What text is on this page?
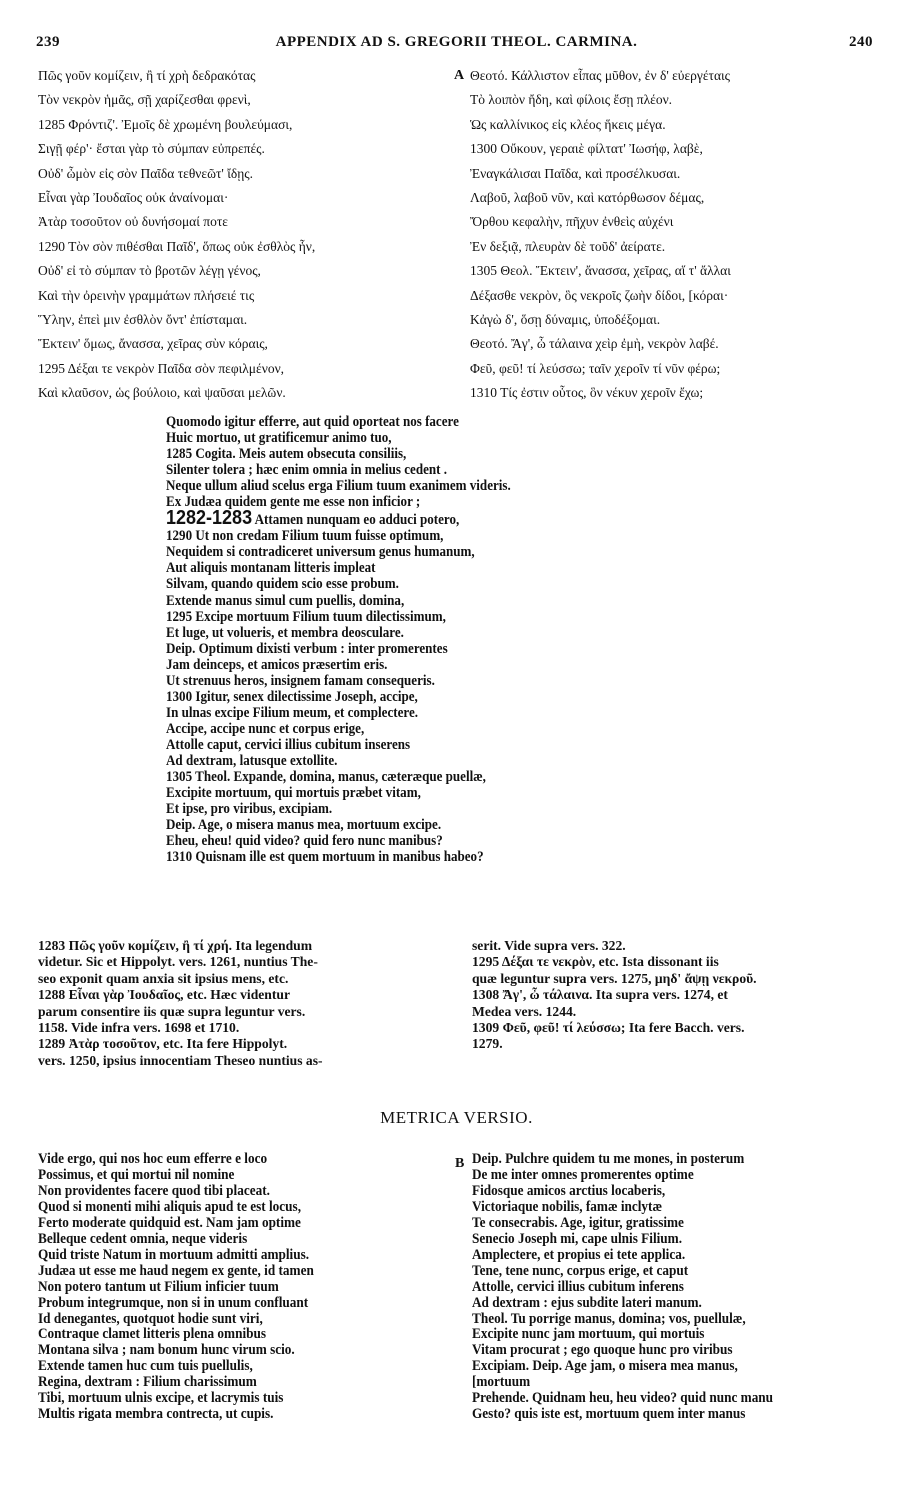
239	APPENDIX AD S. GREGORII THEOL. CARMINA.	240
Πῶς γοῦν κομίζειν, ἢ τί χρὴ δεδρακότας
Τὸν νεκρὸν ἡμᾶς, σῇ χαρίζεσθαι φρενὶ,
1285 Φρόντιζ'. Ἐμοῖς δὲ χρωμένη βουλεύμασι,
Σιγῇ φέρ'· ἔσται γὰρ τὸ σύμπαν εὐπρεπές.
Οὐδ' ὦμὸν εἰς σὸν Παῖδα τεθνεῶτ' ἴδῃς.
Εἶναι γὰρ Ἰουδαῖος οὐκ ἀναίνομαι·
Ἀτὰρ τοσοῦτον οὐ δυνήσομαί ποτε
1290 Τὸν σὸν πιθέσθαι Παῖδ', ὅπως οὐκ ἐσθλὸς ἦν,
Οὐδ' εἰ τὸ σύμπαν τὸ βροτῶν λέγῃ γένος,
Καὶ τὴν ὀρεινὴν γραμμάτων πλήσειέ τις
Ὕλην, ἐπεὶ μιν ἐσθλὸν ὄντ' ἐπίσταμαι.
Ἔκτειν' ὅμως, ἄνασσα, χεῖρας σὺν κόραις,
1295 Δέξαι τε νεκρὸν Παῖδα σὸν πεφιλμένον,
Καὶ κλαῦσον, ὡς βούλοιο, καὶ ψαῦσαι μελῶν.
A Θεοτό. Κάλλιστον εἶπας μῦθον, ἐν δ' εὐεργέταις
Τὸ λοιπὸν ἤδη, καὶ φίλοις ἔσῃ πλέον.
Ὡς καλλίνικος εἰς κλέος ἥκεις μέγα.
1300 Οὔκουν, γεραιὲ φίλτατ' Ἰωσήφ, λαβὲ,
Ἐναγκάλισαι Παῖδα, καὶ προσέλκυσαι.
Λαβοῦ, λαβοῦ νῦν, καὶ κατόρθωσον δέμας,
Ὄρθου κεφαλὴν, πῆχυν ἐνθεὶς αὐχένι
Ἐν δεξιᾷ, πλευρὰν δὲ τοῦδ' ἀείρατε.
1305 Θεολ. Ἔκτειν', ἄνασσα, χεῖρας, αἵ τ' ἄλλαι
Δέξασθε νεκρὸν, ὃς νεκροῖς ζωὴν δίδοι, [κόραι·
Κἀγὼ δ', ὅσῃ δύναμις, ὑποδέξομαι.
Θεοτό. Ἄγ', ὦ τάλαινα χεὶρ ἐμὴ, νεκρὸν λαβέ.
Φεῦ, φεῦ! τί λεύσσω; ταῖν χεροῖν τί νῦν φέρω;
1310 Τίς ἐστιν οὗτος, ὃν νέκυν χεροῖν ἔχω;
Quomodo igitur efferre, aut quid oporteat nos facere
Huic mortuo, ut gratificemur animo tuo,
1285 Cogita. Meis autem obsecuta consiliis,
Silenter tolera ; hæc enim omnia in melius cedent .
Neque ullum aliud scelus erga Filium tuum exanimem videris.
Ex Judæa quidem gente me esse non inficior ;
1282-1283 Attamen nunquam eo adduci potero,
1290 Ut non credam Filium tuum fuisse optimum,
Nequidem si contradiceret universum genus humanum,
Aut aliquis montanam litteris impleat
Silvam, quando quidem scio esse probum.
Extende manus simul cum puellis, domina,
1295 Excipe mortuum Filium tuum dilectissimum,
Et luge, ut volueris, et membra deosculare.
Deip. Optimum dixisti verbum : inter promerentes
Jam deinceps, et amicos præsertim eris.
Ut strenuus heros, insignem famam consequeris.
1300 Igitur, senex dilectissime Joseph, accipe,
In ulnas excipe Filium meum, et complectere.
Accipe, accipe nunc et corpus erige,
Attolle caput, cervici illius cubitum inserens
Ad dextram, latusque extollite.
1305 Theol. Expande, domina, manus, cæteræque puellæ,
Excipite mortuum, qui mortuis præbet vitam,
Et ipse, pro viribus, excipiam.
Deip. Age, o misera manus mea, mortuum excipe.
Eheu, eheu! quid video? quid fero nunc manibus?
1310 Quisnam ille est quem mortuum in manibus habeo?
1283 Πῶς γοῦν κομίζειν, ἢ τί χρή. Ita legendum
videtur. Sic et Hippolyt. vers. 1261, nuntius The-
seo exponit quam anxia sit ipsius mens, etc.
1288 Εἶναι γὰρ Ἰουδαῖος, etc. Hæc videntur
parum consentire iis quæ supra leguntur vers.
1158. Vide infra vers. 1698 et 1710.
1289 Ἀτὰρ τοσοῦτον, etc. Ita fere Hippolyt.
vers. 1250, ipsius innocentiam Theseo nuntius as-
serit. Vide supra vers. 322.
1295 Δέξαι τε νεκρὸν, etc. Ista dissonant iis
quæ leguntur supra vers. 1275, μηδ' ἄψῃ νεκροῦ.
1308 Ἄγ', ὦ τάλαινα. Ita supra vers. 1274, et
Medea vers. 1244.
1309 Φεῦ, φεῦ! τί λεύσσω; Ita fere Bacch. vers.
1279.
METRICA VERSIO.
Vide ergo, qui nos hoc eum efferre e loco
Possimus, et qui mortui nil nomine
Non providentes facere quod tibi placeat.
Quod si monenti mihi aliquis apud te est locus,
Ferto moderate quidquid est. Nam jam optime
Belleque cedent omnia, neque videris
Quid triste Natum in mortuum admitti amplius.
Judæa ut esse me haud negem ex gente, id tamen
Non potero tantum ut Filium inficier tuum
Probum integrumque, non si in unum confluant
Id denegantes, quotquot hodie sunt viri,
Contraque clamet litteris plena omnibus
Montana silva ; nam bonum hunc virum scio.
Extende tamen huc cum tuis puellulis,
Regina, dextram : Filium charissimum
Tibi, mortuum ulnis excipe, et lacrymis tuis
Multis rigata membra contrecta, ut cupis.
B Deip. Pulchre quidem tu me mones, in posterum
De me inter omnes promerentes optime
Fidosque amicos arctius locaberis,
Victoriaque nobilis, famæ inclytæ
Te consecrabis. Age, igitur, gratissime
Senecio Joseph mi, cape ulnis Filium.
Amplectere, et propius ei tete applica.
Tene, tene nunc, corpus erige, et caput
Attolle, cervici illius cubitum inferens
Ad dextram : ejus subdite lateri manum.
Theol. Tu porrige manus, domina; vos, puellulæ,
Excipite nunc jam mortuum, qui mortuis
Vitam procurat ; ego quoque hunc pro viribus
Excipiam. Deip. Age jam, o misera mea manus,
[mortuum
Prehende. Quidnam heu, heu video? quid nunc manu
Gesto? quis iste est, mortuum quem inter manus
